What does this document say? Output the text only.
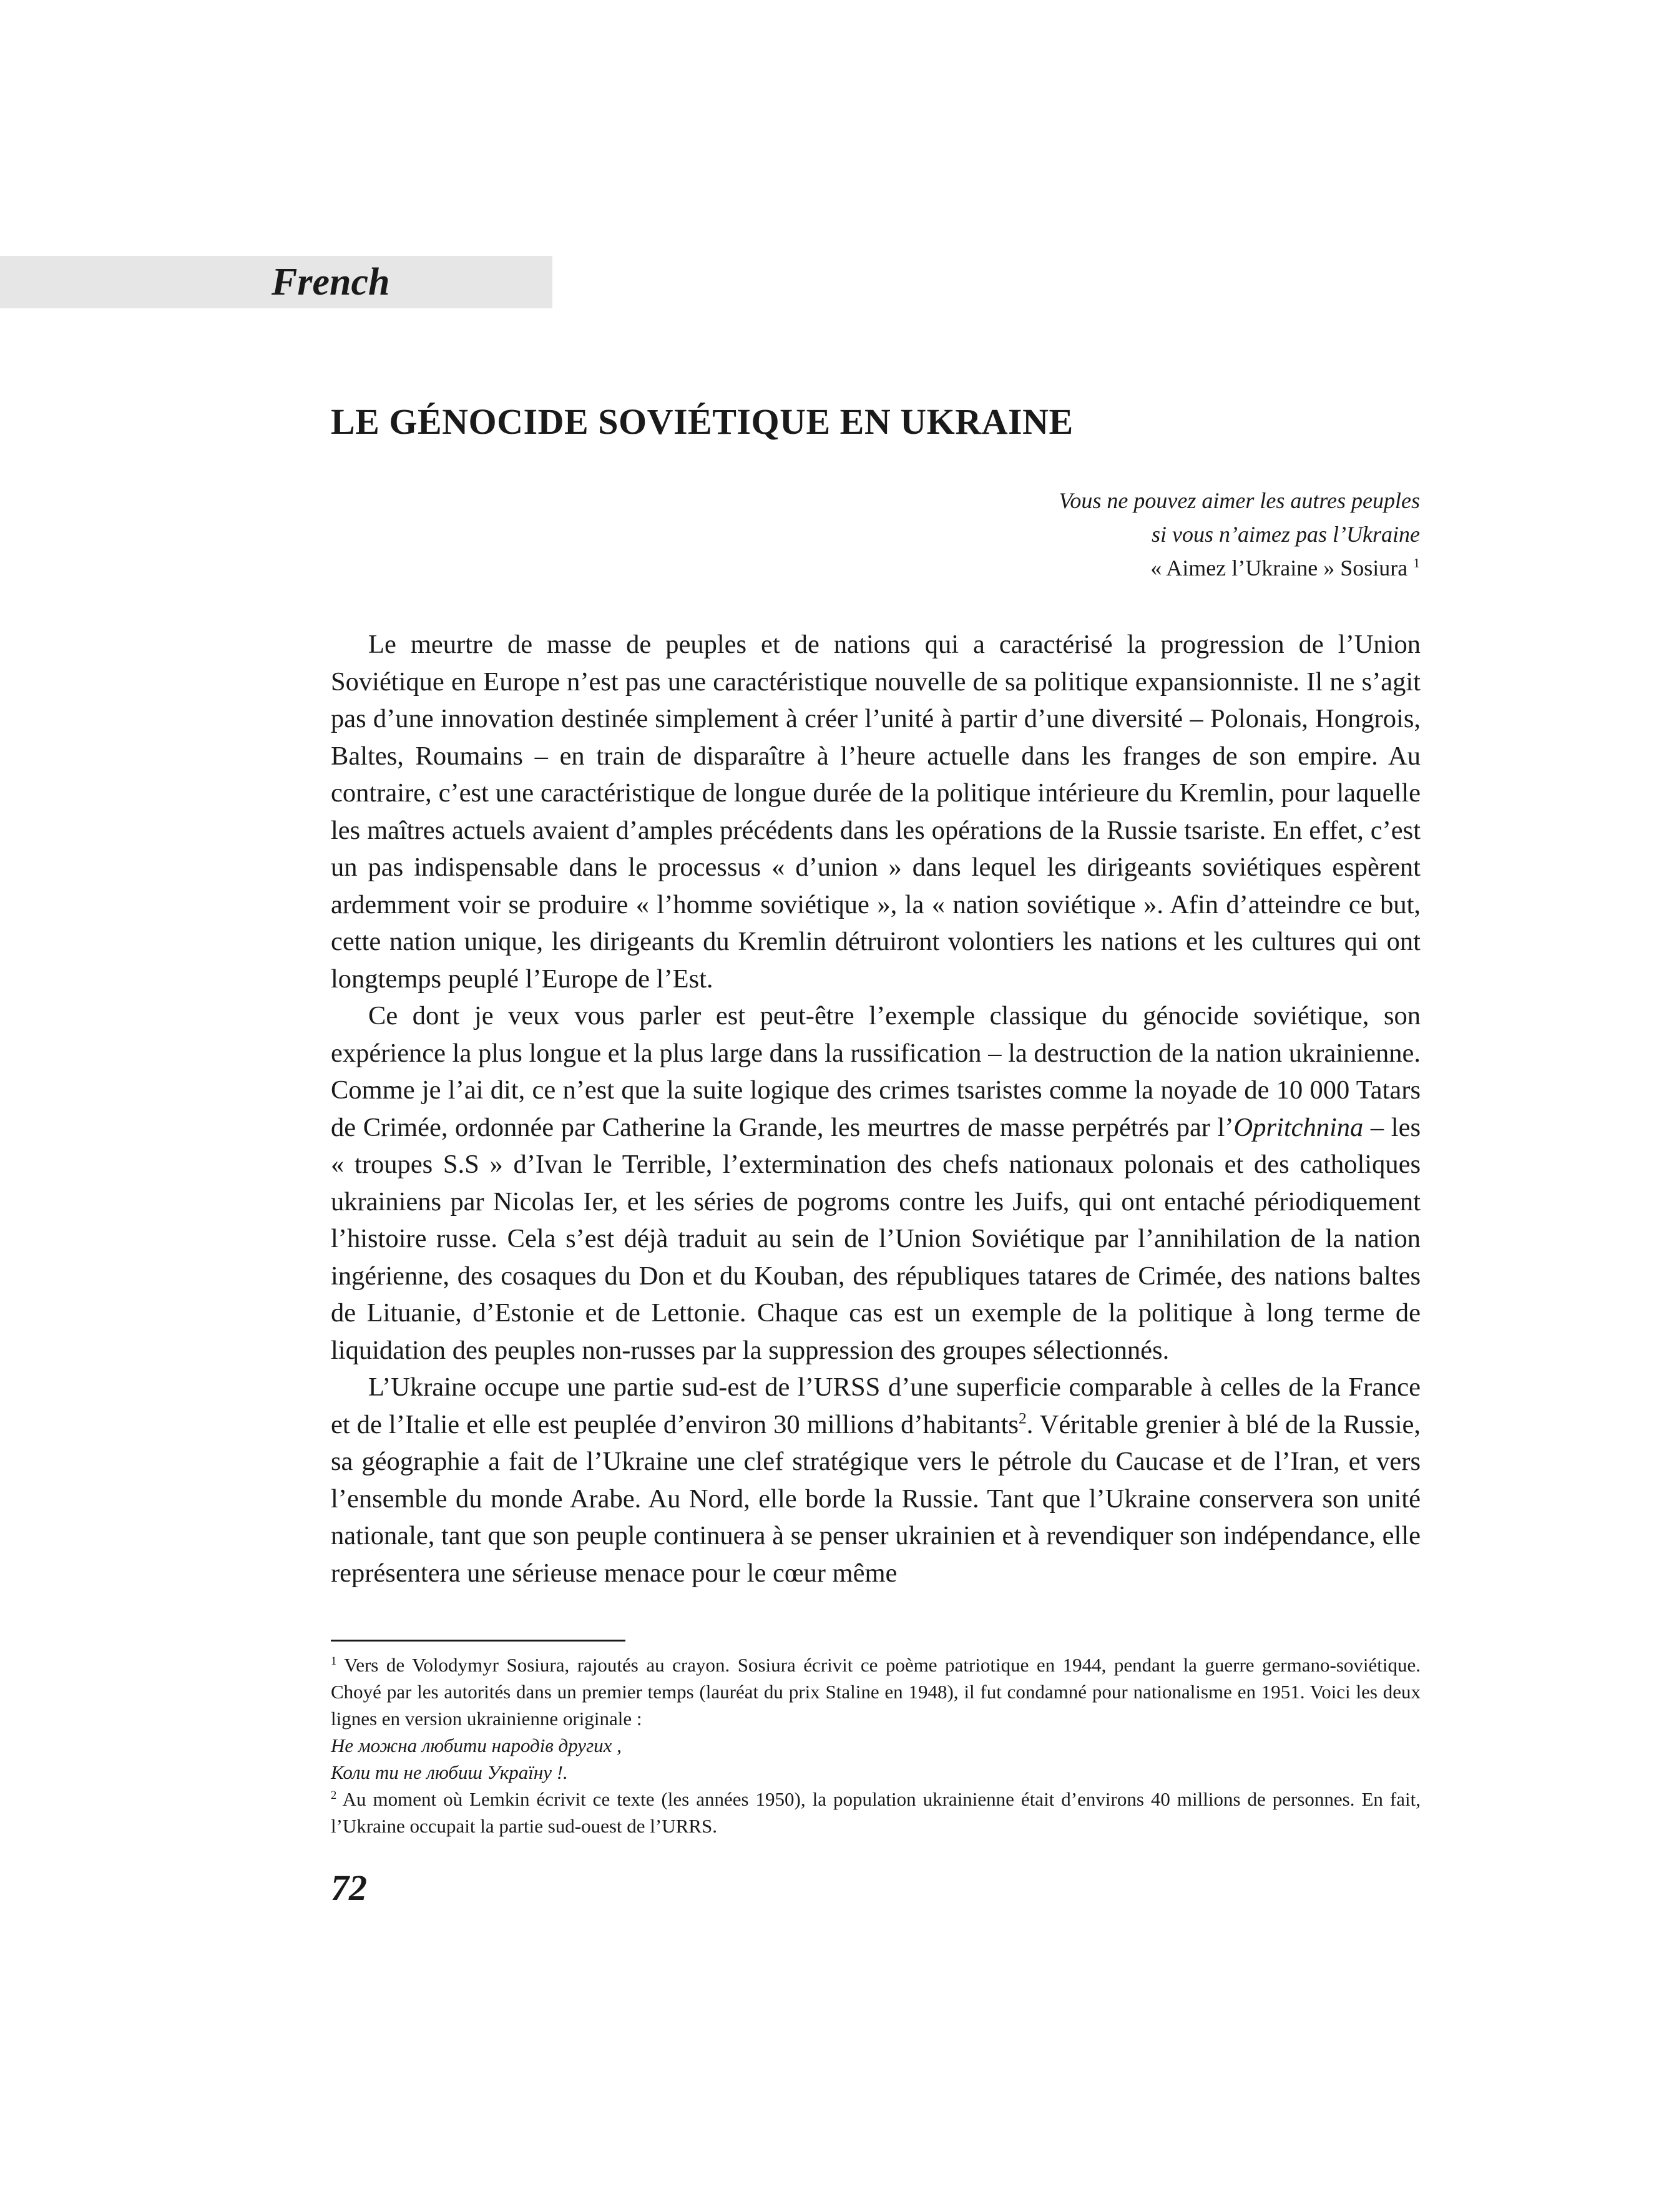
French
LE GÉNOCIDE SOVIÉTIQUE EN UKRAINE
Vous ne pouvez aimer les autres peuples
si vous n’aimez pas l’Ukraine
« Aimez l’Ukraine » Sosiura $^1$

Le meurtre de masse de peuples et de nations qui a caractérisé la progression de l’Union Soviétique en Europe n’est pas une caractéristique nouvelle de sa politique expansionniste. Il ne s’agit pas d’une innovation destinée simplement à créer l’unité à partir d’une diversité – Polonais, Hongrois, Baltes, Roumains – en train de disparaître à l’heure actuelle dans les franges de son empire. Au contraire, c’est une caractéristique de longue durée de la politique intérieure du Kremlin, pour laquelle les maîtres actuels avaient d’amples précédents dans les opérations de la Russie tsariste. En effet, c’est un pas indispensable dans le processus « d’union » dans lequel les dirigeants soviétiques espèrent ardemment voir se produire « l’homme soviétique », la « nation soviétique ». Afin d’atteindre ce but, cette nation unique, les dirigeants du Kremlin détruiront volontiers les nations et les cultures qui ont longtemps peuplé l’Europe de l’Est.

Ce dont je veux vous parler est peut-être l’exemple classique du génocide soviétique, son expérience la plus longue et la plus large dans la russification – la destruction de la nation ukrainienne. Comme je l’ai dit, ce n’est que la suite logique des crimes tsaristes comme la noyade de 10 000 Tatars de Crimée, ordonnée par Catherine la Grande, les meurtres de masse perpétrés par l’Opritchnina – les « troupes S.S » d’Ivan le Terrible, l’extermination des chefs nationaux polonais et des catholiques ukrainiens par Nicolas Ier, et les séries de pogroms contre les Juifs, qui ont entaché périodiquement l’histoire russe. Cela s’est déjà traduit au sein de l’Union Soviétique par l’annihilation de la nation ingérienne, des cosaques du Don et du Kouban, des républiques tatares de Crimée, des nations baltes de Lituanie, d’Estonie et de Lettonie. Chaque cas est un exemple de la politique à long terme de liquidation des peuples non-russes par la suppression des groupes sélectionnés.

L’Ukraine occupe une partie sud-est de l’URSS d’une superficie comparable à celles de la France et de l’Italie et elle est peuplée d’environ 30 millions d’habitants$^2$. Véritable grenier à blé de la Russie, sa géographie a fait de l’Ukraine une clef stratégique vers le pétrole du Caucase et de l’Iran, et vers l’ensemble du monde Arabe. Au Nord, elle borde la Russie. Tant que l’Ukraine conservera son unité nationale, tant que son peuple continuera à se penser ukrainien et à revendiquer son indépendance, elle représentera une sérieuse menace pour le cœur même

$^1$ Vers de Volodymyr Sosiura, rajoutés au crayon. Sosiura écrivit ce poème patriotique en 1944, pendant la guerre germano-soviétique. Choyé par les autorités dans un premier temps (lauréat du prix Staline en 1948), il fut condamné pour nationalisme en 1951. Voici les deux lignes en version ukrainienne originale :

Не можна любити народів других ,

Коли ти не любиш Україну !.

$^2$ Au moment où Lemkin écrivit ce texte (les années 1950), la population ukrainienne était d’environs 40 millions de personnes. En fait, l’Ukraine occupait la partie sud-ouest de l’URRS.

72
